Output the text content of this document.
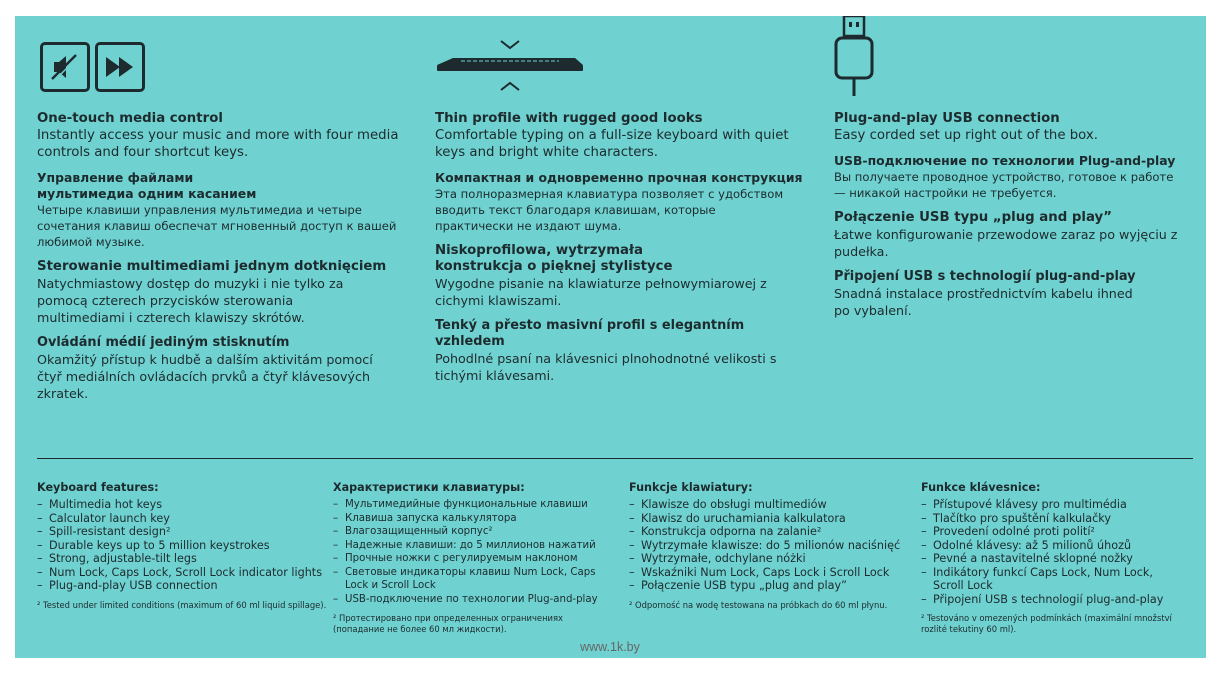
One-touch media control
Instantly access your music and more with four media controls and four shortcut keys.
Управление файлами мультимедиа одним касанием
Четыре клавиши управления мультимедиа и четыре сочетания клавиш обеспечат мгновенный доступ к вашей любимой музыке.
Sterowanie multimediami jednym dotknięciem
Natychmiastowy dostęp do muzyki i nie tylko za pomocą czterech przycisków sterowania multimediami i czterech klawiszy skrótów.
Ovládání médií jediným stisknutím
Okamžitý přístup k hudbě a dalším aktivitám pomocí čtyř mediálních ovládacích prvků a čtyř klávesových zkratek.
Thin profile with rugged good looks
Comfortable typing on a full-size keyboard with quiet keys and bright white characters.
Компактная и одновременно прочная конструкция
Эта полноразмерная клавиатура позволяет с удобством вводить текст благодаря клавишам, которые практически не издают шума.
Niskoprofilowa, wytrzymała konstrukcja o pięknej stylistyce
Wygodne pisanie na klawiaturze pełnowymiarowej z cichymi klawiszami.
Tenký a přesto masivní profil s elegantním vzhledem
Pohodlné psaní na klávesnici plnohodnotné velikosti s tichými klávesami.
Plug-and-play USB connection
Easy corded set up right out of the box.
USB-подключение по технологии Plug-and-play
Вы получаете проводное устройство, готовое к работе — никакой настройки не требуется.
Połączenie USB typu „plug and play”
Łatwe konfigurowanie przewodowe zaraz po wyjęciu z pudełka.
Připojení USB s technologií plug-and-play
Snadná instalace prostřednictvím kabelu ihned po vybalení.
Keyboard features:
– Multimedia hot keys
– Calculator launch key
– Spill-resistant design²
– Durable keys up to 5 million keystrokes
– Strong, adjustable-tilt legs
– Num Lock, Caps Lock, Scroll Lock indicator lights
– Plug-and-play USB connection
² Tested under limited conditions (maximum of 60 ml liquid spillage).
Характеристики клавиатуры:
– Мультимедийные функциональные клавиши
– Клавиша запуска калькулятора
– Влагозащищенный корпус²
– Надежные клавиши: до 5 миллионов нажатий
– Прочные ножки с регулируемым наклоном
– Световые индикаторы клавиш Num Lock, Caps Lock и Scroll Lock
– USB-подключение по технологии Plug-and-play
² Протестировано при определенных ограничениях (попадание не более 60 мл жидкости).
Funkcje klawiatury:
– Klawisze do obsługi multimediów
– Klawisz do uruchamiania kalkulatora
– Konstrukcja odporna na zalanie²
– Wytrzymałe klawisze: do 5 milionów naciśnięć
– Wytrzymałe, odchylane nóżki
– Wskaźniki Num Lock, Caps Lock i Scroll Lock
– Połączenie USB typu „plug and play”
² Odporność na wodę testowana na próbkach do 60 ml płynu.
Funkce klávesnice:
– Přístupové klávesy pro multimédia
– Tlačítko pro spuštění kalkulačky
– Provedení odolné proti polití²
– Odolné klávesy: až 5 milionů úhozů
– Pevné a nastavitelné sklopné nožky
– Indikátory funkcí Caps Lock, Num Lock, Scroll Lock
– Připojení USB s technologií plug-and-play
² Testováno v omezených podmínkách (maximální množství rozlité tekutiny 60 ml).
www.1k.by
